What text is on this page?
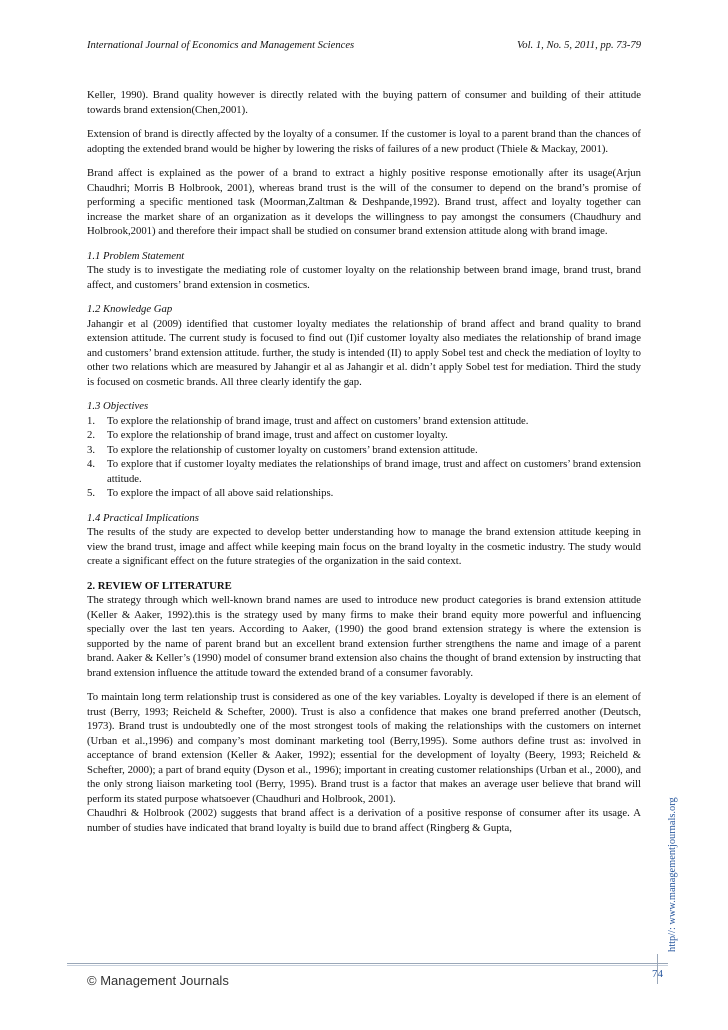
International Journal of Economics and Management Sciences	Vol. 1, No. 5, 2011, pp. 73-79

Keller, 1990). Brand quality however is directly related with the buying pattern of consumer and building of their attitude towards brand extension(Chen,2001).

Extension of brand is directly affected by the loyalty of a consumer. If the customer is loyal to a parent brand than the chances of adopting the extended brand would be higher by lowering the risks of failures of a new product (Thiele & Mackay, 2001).

Brand affect is explained as the power of a brand to extract a highly positive response emotionally after its usage(Arjun Chaudhri; Morris B Holbrook, 2001), whereas brand trust is the will of the consumer to depend on the brand’s promise of performing a specific mentioned task (Moorman,Zaltman & Deshpande,1992). Brand trust, affect and loyalty together can increase the market share of an organization as it develops the willingness to pay amongst the consumers (Chaudhury and Holbrook,2001) and therefore their impact shall be studied on consumer brand extension attitude along with brand image.

1.1 Problem Statement
The study is to investigate the mediating role of customer loyalty on the relationship between brand image, brand trust, brand affect, and customers’ brand extension in cosmetics.
1.2 Knowledge Gap
Jahangir et al (2009) identified that customer loyalty mediates the relationship of brand affect and brand quality to brand extension attitude. The current study is focused to find out (I)if customer loyalty also mediates the relationship of brand image and customers’ brand extension attitude. further, the study is intended (II) to apply Sobel test and check the mediation of loylty to other two relations which are measured by Jahangir et al as Jahangir et al. didn’t apply Sobel test for mediation. Third the study is focused on cosmetic brands. All three clearly identify the gap.
1.3 Objectives
1. To explore the relationship of brand image, trust and affect on customers’ brand extension attitude.
2. To explore the relationship of brand image, trust and affect on customer loyalty.
3. To explore the relationship of customer loyalty on customers’ brand extension attitude.
4. To explore that if customer loyalty mediates the relationships of brand image, trust and affect on customers’ brand extension attitude.
5. To explore the impact of all above said relationships.
1.4 Practical Implications
The results of the study are expected to develop better understanding how to manage the brand extension attitude keeping in view the brand trust, image and affect while keeping main focus on the brand loyalty in the cosmetic industry. The study would create a significant effect on the future strategies of the organization in the said context.
2. REVIEW OF LITERATURE

The strategy through which well-known brand names are used to introduce new product categories is brand extension attitude (Keller & Aaker, 1992).this is the strategy used by many firms to make their brand equity more powerful and influencing specially over the last ten years. According to Aaker, (1990) the good brand extension strategy is where the extension is supported by the name of parent brand but an excellent brand extension further strengthens the name and image of a parent brand. Aaker & Keller’s (1990) model of consumer brand extension also chains the thought of brand extension by instructing that brand extension influence the attitude toward the extended brand of a consumer favorably.

To maintain long term relationship trust is considered as one of the key variables. Loyalty is developed if there is an element of trust (Berry, 1993; Reicheld & Schefter, 2000). Trust is also a confidence that makes one brand preferred another (Deutsch, 1973). Brand trust is undoubtedly one of the most strongest tools of making the relationships with the customers on internet (Urban et al.,1996) and company’s most dominant marketing tool (Berry,1995). Some authors define trust as: involved in acceptance of brand extension (Keller & Aaker, 1992); essential for the development of loyalty (Beery, 1993; Reicheld & Schefter, 2000); a part of brand equity (Dyson et al., 1996); important in creating customer relationships (Urban et al., 2000), and the only strong liaison marketing tool (Berry, 1995). Brand trust is a factor that makes an average user believe that brand will perform its stated purpose whatsoever (Chaudhuri and Holbrook, 2001).

Chaudhri & Holbrook (2002) suggests that brand affect is a derivation of a positive response of consumer after its usage. A number of studies have indicated that brand loyalty is build due to brand affect (Ringberg & Gupta,	http//: www.managementjournals.org
© Management Journals	74
